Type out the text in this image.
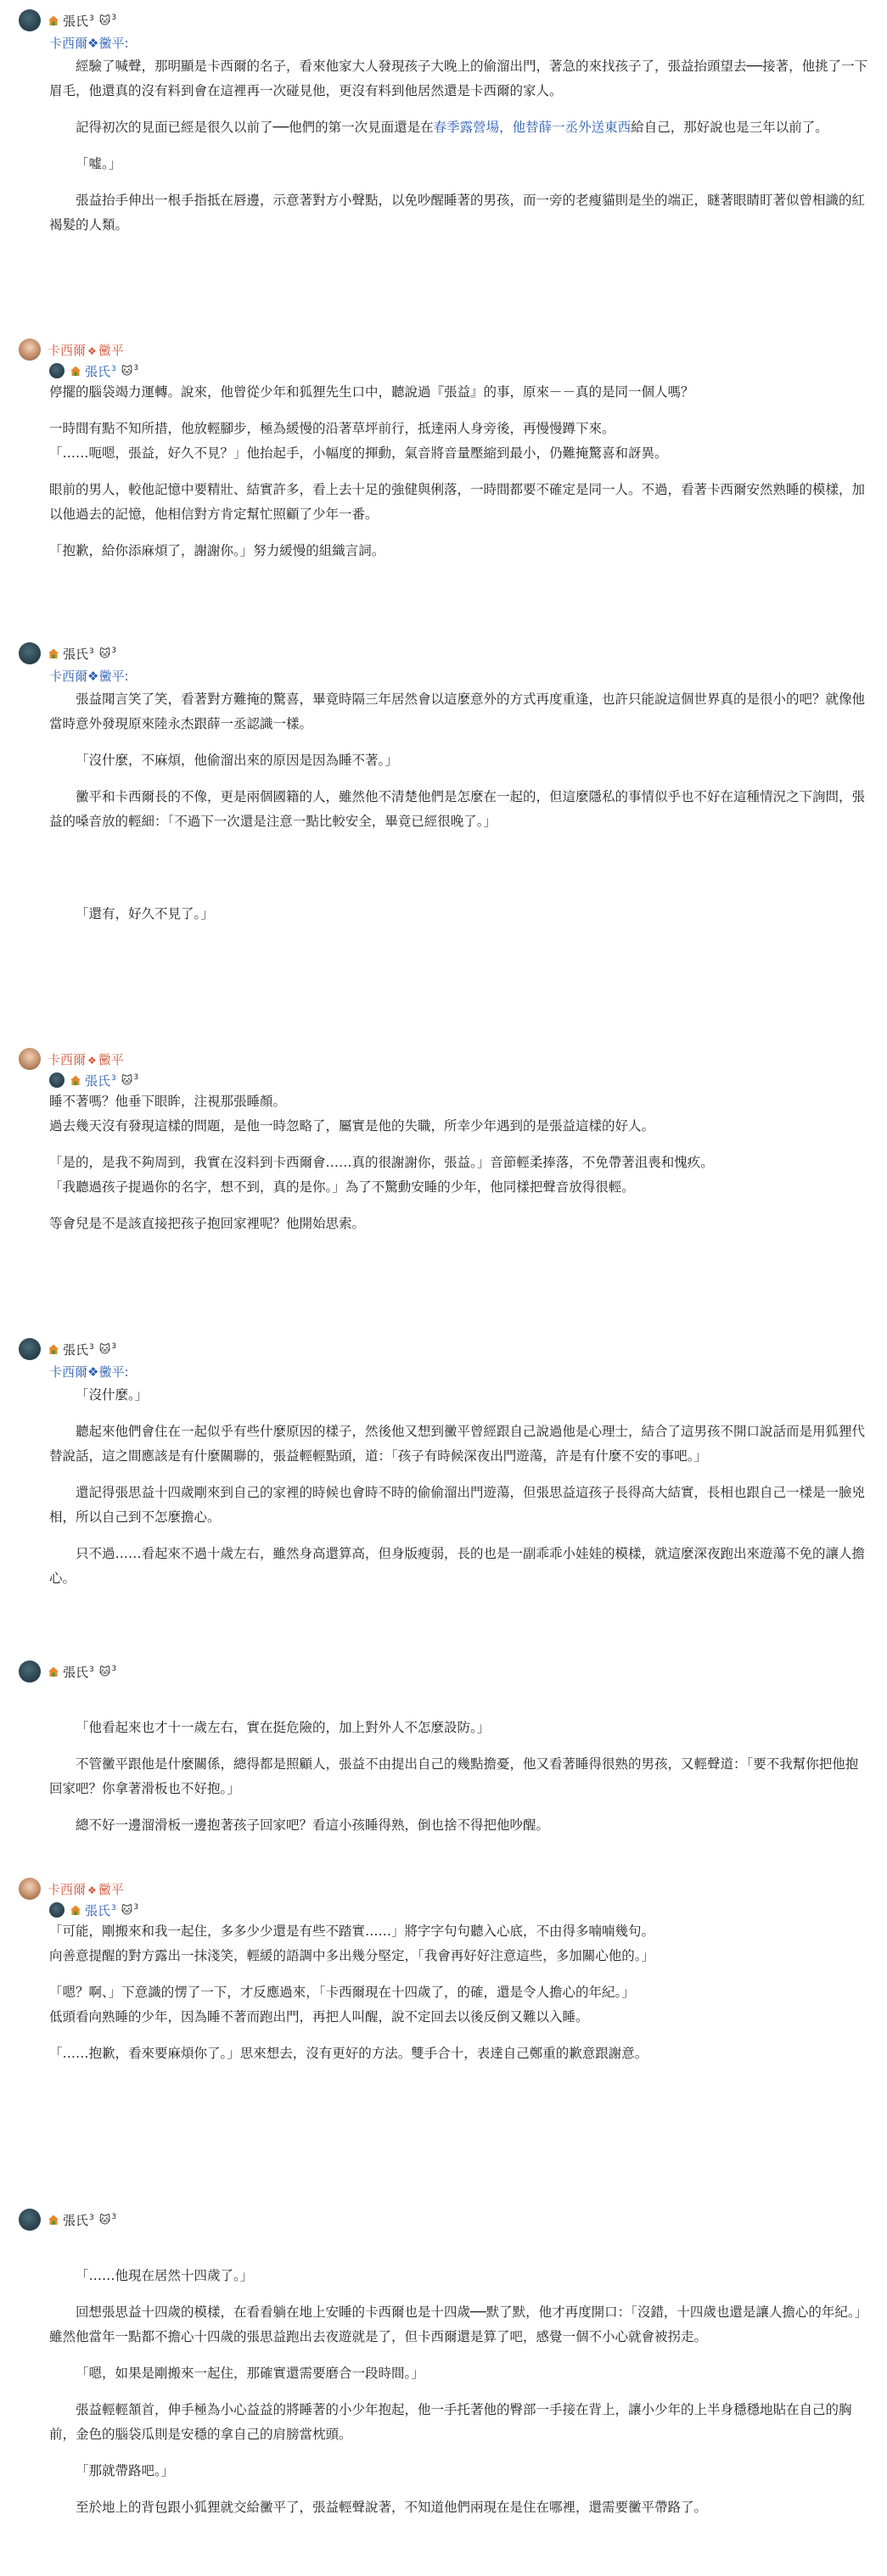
張氏$^3$ 🐱$^3$
卡西爾❖黴平:

經驗了喊聲，那明顯是卡西爾的名子，看來他家大人發現孩子大晚上的偷溜出門，著急的來找孩子了，張益抬頭望去──接著，他挑了一下眉毛，他還真的沒有料到會在這裡再一次碰見他，更沒有料到他居然還是卡西爾的家人。

記得初次的見面已經是很久以前了──他們的第一次見面還是在春季露營場，他替薛一丞外送東西給自己，那好說也是三年以前了。

「噓。」

張益抬手伸出一根手指抵在唇邊，示意著對方小聲點，以免吵醒睡著的男孩，而一旁的老瘦貓則是坐的端正，瞇著眼睛盯著似曾相識的紅褐髮的人類。

卡西爾 ❖ 黴平
張氏$^3$ 🐱$^3$

停擺的腦袋竭力運轉。說來，他曾從少年和狐狸先生口中，聽說過『張益』的事，原來－－真的是同一個人嗎？

一時間有點不知所措，他放輕腳步，極為緩慢的沿著草坪前行，抵達兩人身旁後，再慢慢蹲下來。

「……呃嗯，張益，好久不見？」他抬起手，小幅度的揮動，氣音將音量壓縮到最小，仍難掩驚喜和訝異。

眼前的男人，較他記憶中要精壯、結實許多，看上去十足的強健與俐落，一時間都要不確定是同一人。不過，看著卡西爾安然熟睡的模樣，加以他過去的記憶，他相信對方肯定幫忙照顧了少年一番。

「抱歉，給你添麻煩了，謝謝你。」努力緩慢的組織言詞。

張氏$^3$ 🐱$^3$
卡西爾❖黴平:

張益聞言笑了笑，看著對方難掩的驚喜，畢竟時隔三年居然會以這麼意外的方式再度重逢，也許只能說這個世界真的是很小的吧？就像他當時意外發現原來陸永杰跟薛一丞認識一樣。

「沒什麼，不麻煩，他偷溜出來的原因是因為睡不著。」

黴平和卡西爾長的不像，更是兩個國籍的人，雖然他不清楚他們是怎麼在一起的，但這麼隱私的事情似乎也不好在這種情況之下詢問，張益的嗓音放的輕細：「不過下一次還是注意一點比較安全，畢竟已經很晚了。」

「還有，好久不見了。」

卡西爾 ❖ 黴平
張氏$^3$ 🐱$^3$

睡不著嗎？他垂下眼眸，注視那張睡顏。

過去幾天沒有發現這樣的問題，是他一時忽略了，屬實是他的失職，所幸少年遇到的是張益這樣的好人。

「是的，是我不夠周到，我實在沒料到卡西爾會……真的很謝謝你，張益。」音節輕柔捧落，不免帶著沮喪和愧疚。

「我聽過孩子提過你的名字，想不到，真的是你。」為了不驚動安睡的少年，他同樣把聲音放得很輕。

等會兒是不是該直接把孩子抱回家裡呢？他開始思索。

張氏$^3$ 🐱$^3$
卡西爾❖黴平:

「沒什麼。」

聽起來他們會住在一起似乎有些什麼原因的樣子，然後他又想到黴平曾經跟自己說過他是心理士，結合了這男孩不開口說話而是用狐狸代替說話，這之間應該是有什麼關聯的，張益輕輕點頭，道：「孩子有時候深夜出門遊蕩，許是有什麼不安的事吧。」

還記得張思益十四歲剛來到自己的家裡的時候也會時不時的偷偷溜出門遊蕩，但張思益這孩子長得高大結實，長相也跟自己一樣是一臉兇相，所以自己到不怎麼擔心。

只不過……看起來不過十歲左右，雖然身高還算高，但身版瘦弱，長的也是一副乖乖小娃娃的模樣，就這麼深夜跑出來遊蕩不免的讓人擔心。

張氏$^3$ 🐱$^3$

「他看起來也才十一歲左右，實在挺危險的，加上對外人不怎麼設防。」

不管黴平跟他是什麼關係，總得都是照顧人，張益不由提出自己的幾點擔憂，他又看著睡得很熟的男孩，又輕聲道：「要不我幫你把他抱回家吧？你拿著滑板也不好抱。」

總不好一邊溜滑板一邊抱著孩子回家吧？看這小孩睡得熟，倒也捨不得把他吵醒。

卡西爾 ❖ 黴平
張氏$^3$ 🐱$^3$

「可能，剛搬來和我一起住，多多少少還是有些不踏實……」將字字句句聽入心底，不由得多喃喃幾句。

向善意提醒的對方露出一抹淺笑，輕緩的語調中多出幾分堅定，「我會再好好注意這些，多加關心他的。」

「嗯？啊、」下意識的愣了一下，才反應過來，「卡西爾現在十四歲了，的確，還是令人擔心的年紀。」

低頭看向熟睡的少年，因為睡不著而跑出門，再把人叫醒，說不定回去以後反倒又難以入睡。

「……抱歉，看來要麻煩你了。」思來想去，沒有更好的方法。雙手合十，表達自己鄭重的歉意跟謝意。

張氏$^3$ 🐱$^3$

「……他現在居然十四歲了。」

回想張思益十四歲的模樣，在看看躺在地上安睡的卡西爾也是十四歲──默了默，他才再度開口：「沒錯，十四歲也還是讓人擔心的年紀。」雖然他當年一點都不擔心十四歲的張思益跑出去夜遊就是了，但卡西爾還是算了吧，感覺一個不小心就會被拐走。

「嗯，如果是剛搬來一起住，那確實還需要磨合一段時間。」

張益輕輕頷首，伸手極為小心益益的將睡著的小少年抱起，他一手托著他的臀部一手接在背上，讓小少年的上半身穩穩地貼在自己的胸前，金色的腦袋瓜則是安穩的拿自己的肩膀當枕頭。

「那就帶路吧。」

至於地上的背包跟小狐狸就交給黴平了，張益輕聲說著，不知道他們兩現在是住在哪裡，還需要黴平帶路了。
